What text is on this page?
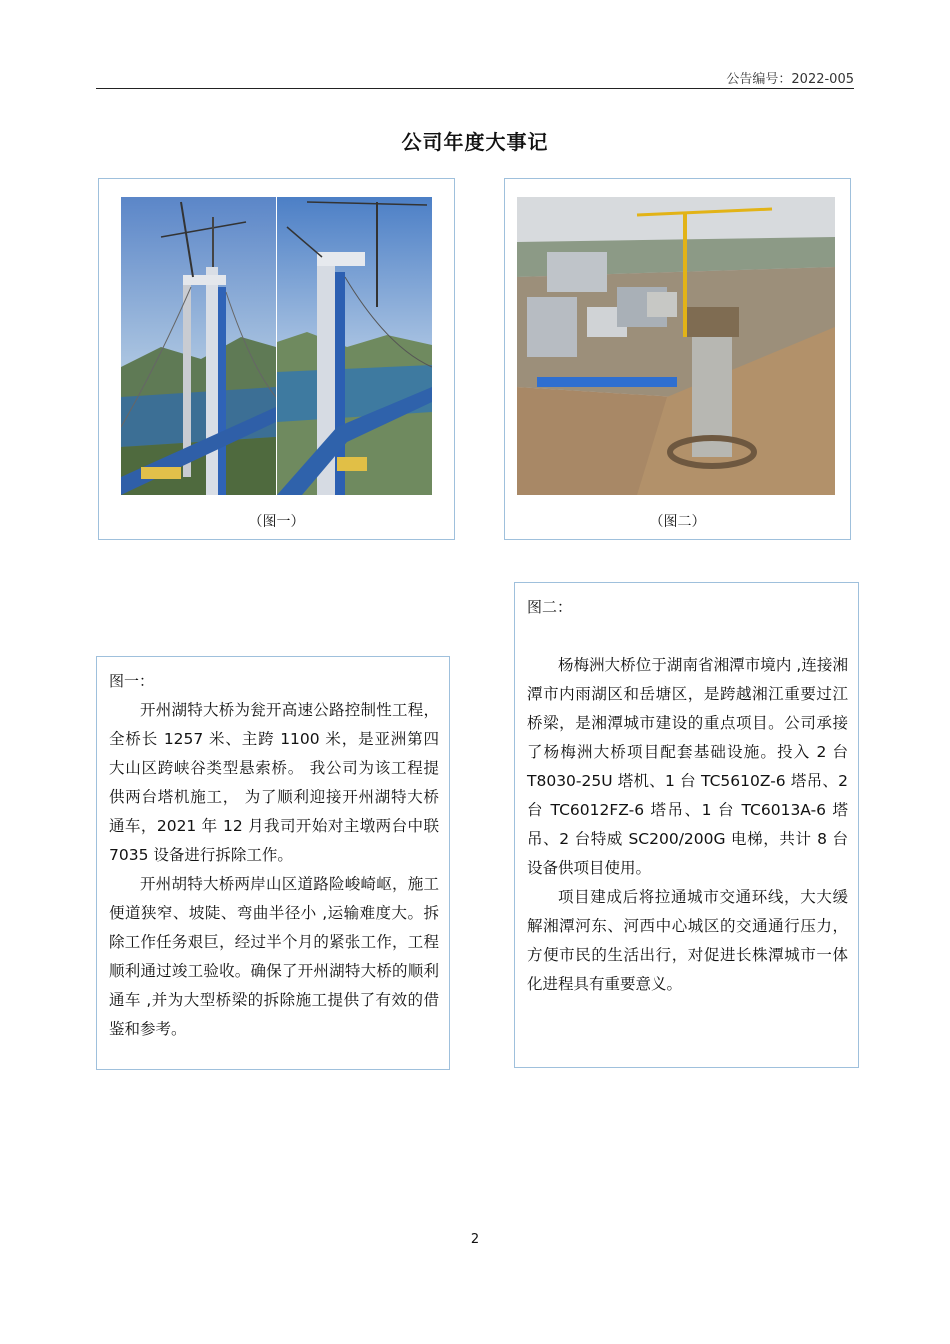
公告编号：2022-005
公司年度大事记
（图一）	（图二）
图一：

开州湖特大桥为瓮开高速公路控制性工程，全桥长 1257 米、主跨 1100 米，是亚洲第四大山区跨峡谷类型悬索桥。 我公司为该工程提供两台塔机施工， 为了顺利迎接开州湖特大桥通车，2021 年 12 月我司开始对主墩两台中联 7035 设备进行拆除工作。

开州胡特大桥两岸山区道路险峻崎岖，施工便道狭窄、坡陡、弯曲半径小 ,运输难度大。拆除工作任务艰巨，经过半个月的紧张工作，工程顺利通过竣工验收。确保了开州湖特大桥的顺利通车 ,并为大型桥梁的拆除施工提供了有效的借鉴和参考。

图二：

杨梅洲大桥位于湖南省湘潭市境内 ,连接湘潭市内雨湖区和岳塘区，是跨越湘江重要过江桥梁，是湘潭城市建设的重点项目。公司承接了杨梅洲大桥项目配套基础设施。投入 2 台 T8030-25U 塔机、1 台 TC5610Z-6 塔吊、2 台 TC6012FZ-6 塔吊、1 台 TC6013A-6 塔吊、2 台特威 SC200/200G 电梯，共计 8 台设备供项目使用。

项目建成后将拉通城市交通环线，大大缓解湘潭河东、河西中心城区的交通通行压力，方便市民的生活出行，对促进长株潭城市一体化进程具有重要意义。

2
